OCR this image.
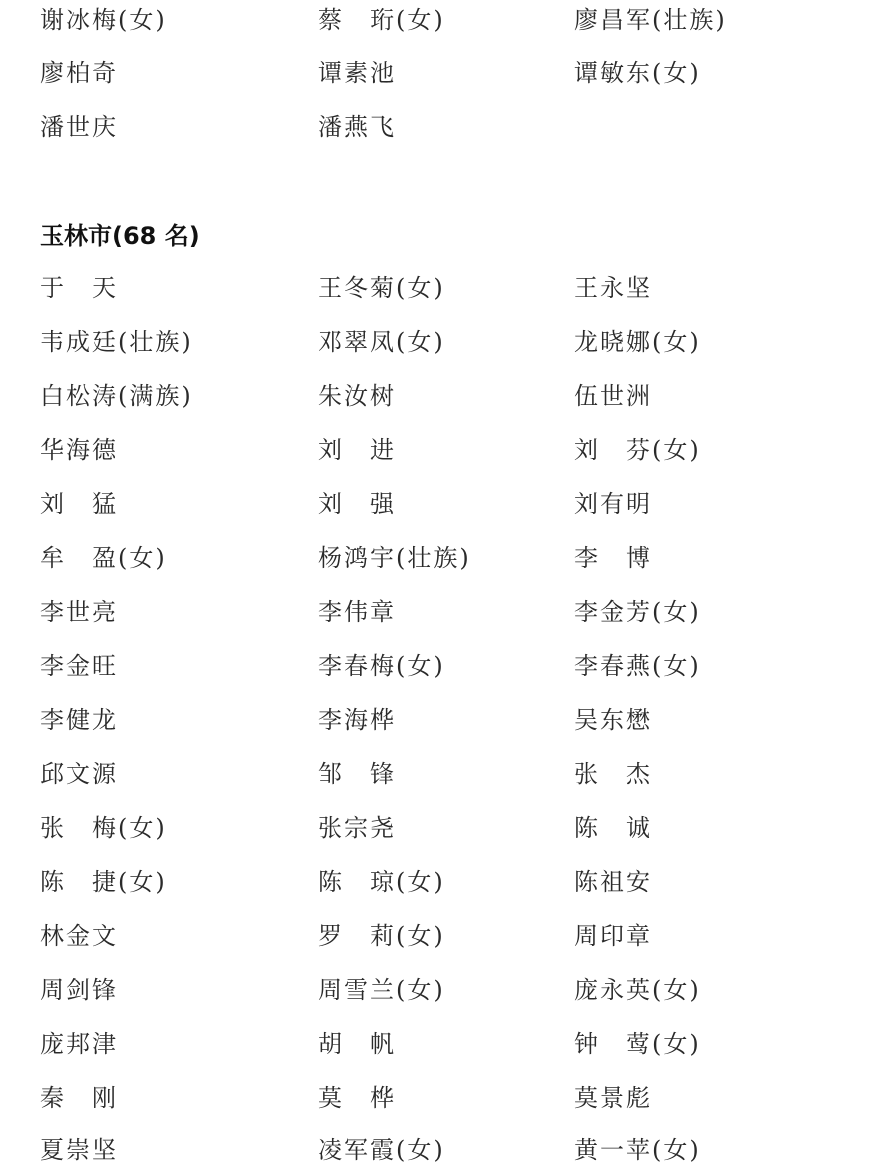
谢冰梅(女)	蔡　珩(女)	廖昌军(壮族)
廖柏奇	谭素池	谭敏东(女)
潘世庆	潘燕飞
玉林市(68 名)
于　天	王冬菊(女)	王永坚
韦成廷(壮族)	邓翠凤(女)	龙晓娜(女)
白松涛(满族)	朱汝树	伍世洲
华海德	刘　进	刘　芬(女)
刘　猛	刘　强	刘有明
牟　盈(女)	杨鸿宇(壮族)	李　博
李世亮	李伟章	李金芳(女)
李金旺	李春梅(女)	李春燕(女)
李健龙	李海桦	吴东懋
邱文源	邹　锋	张　杰
张　梅(女)	张宗尧	陈　诚
陈　捷(女)	陈　琼(女)	陈祖安
林金文	罗　莉(女)	周印章
周剑锋	周雪兰(女)	庞永英(女)
庞邦津	胡　帆	钟　莺(女)
秦　刚	莫　桦	莫景彪
夏崇坚	凌军霞(女)	黄一苹(女)
